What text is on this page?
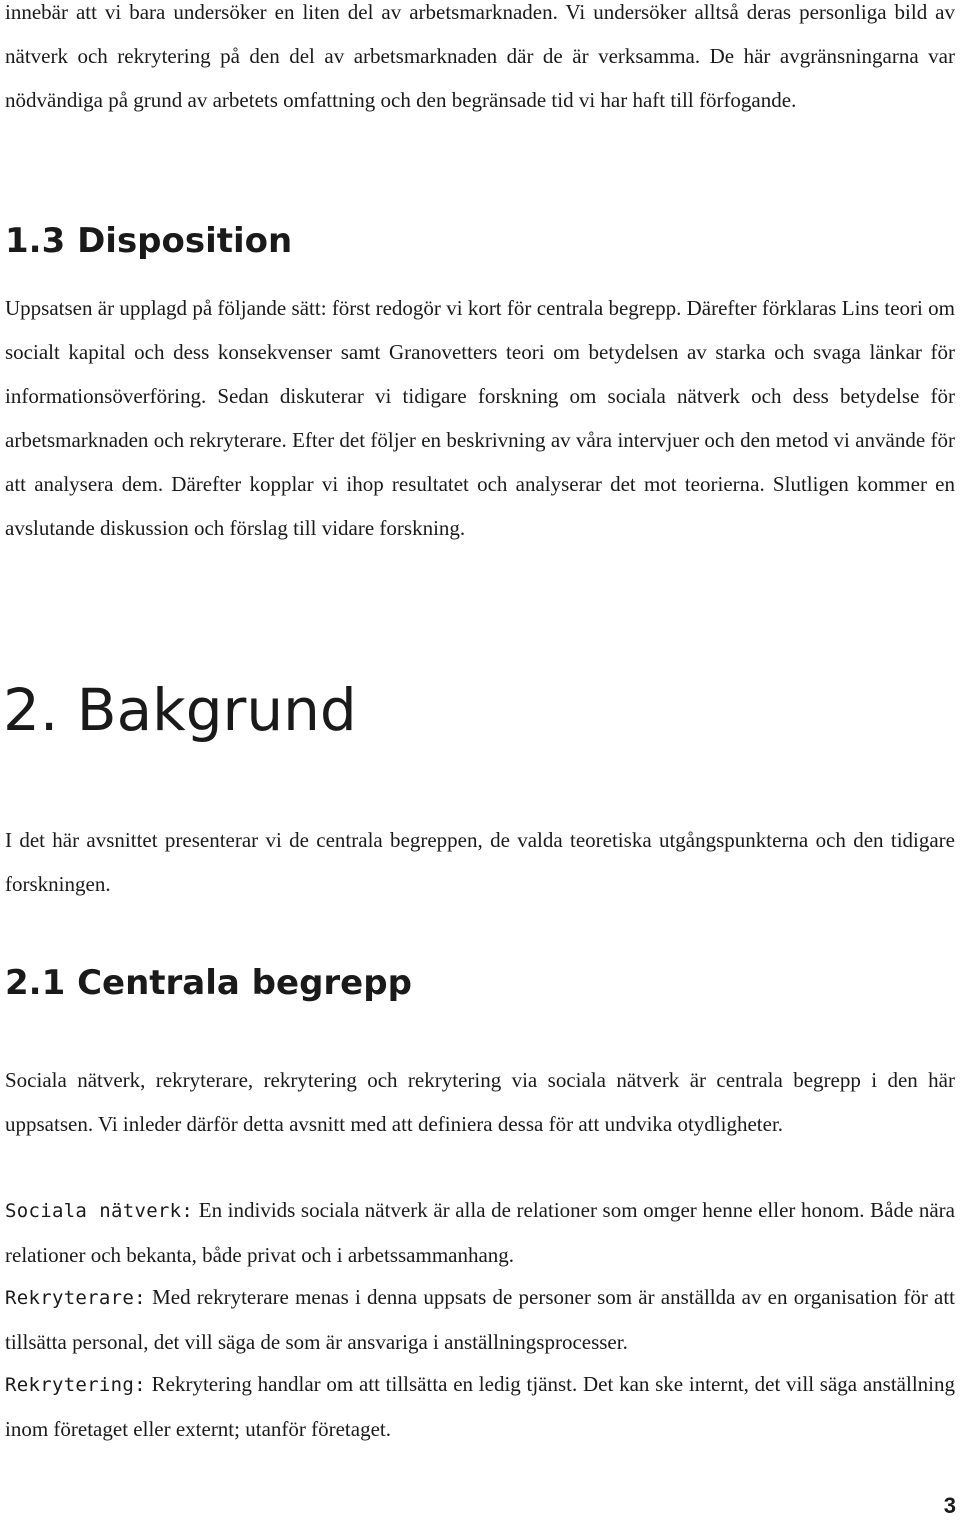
innebär att vi bara undersöker en liten del av arbetsmarknaden. Vi undersöker alltså deras personliga bild av nätverk och rekrytering på den del av arbetsmarknaden där de är verksamma. De här avgränsningarna var nödvändiga på grund av arbetets omfattning och den begränsade tid vi har haft till förfogande.

1.3 Disposition

Uppsatsen är upplagd på följande sätt: först redogör vi kort för centrala begrepp. Därefter förklaras Lins teori om socialt kapital och dess konsekvenser samt Granovetters teori om betydelsen av starka och svaga länkar för informationsöverföring. Sedan diskuterar vi tidigare forskning om sociala nätverk och dess betydelse för arbetsmarknaden och rekryterare. Efter det följer en beskrivning av våra intervjuer och den metod vi använde för att analysera dem. Därefter kopplar vi ihop resultatet och analyserar det mot teorierna. Slutligen kommer en avslutande diskussion och förslag till vidare forskning.

2. Bakgrund

I det här avsnittet presenterar vi de centrala begreppen, de valda teoretiska utgångspunkterna och den tidigare forskningen.

2.1 Centrala begrepp

Sociala nätverk, rekryterare, rekrytering och rekrytering via sociala nätverk är centrala begrepp i den här uppsatsen. Vi inleder därför detta avsnitt med att definiera dessa för att undvika otydligheter.

Sociala nätverk: En individs sociala nätverk är alla de relationer som omger henne eller honom. Både nära relationer och bekanta, både privat och i arbetssammanhang.

Rekryterare: Med rekryterare menas i denna uppsats de personer som är anställda av en organisation för att tillsätta personal, det vill säga de som är ansvariga i anställningsprocesser.

Rekrytering: Rekrytering handlar om att tillsätta en ledig tjänst. Det kan ske internt, det vill säga anställning inom företaget eller externt; utanför företaget.

3
